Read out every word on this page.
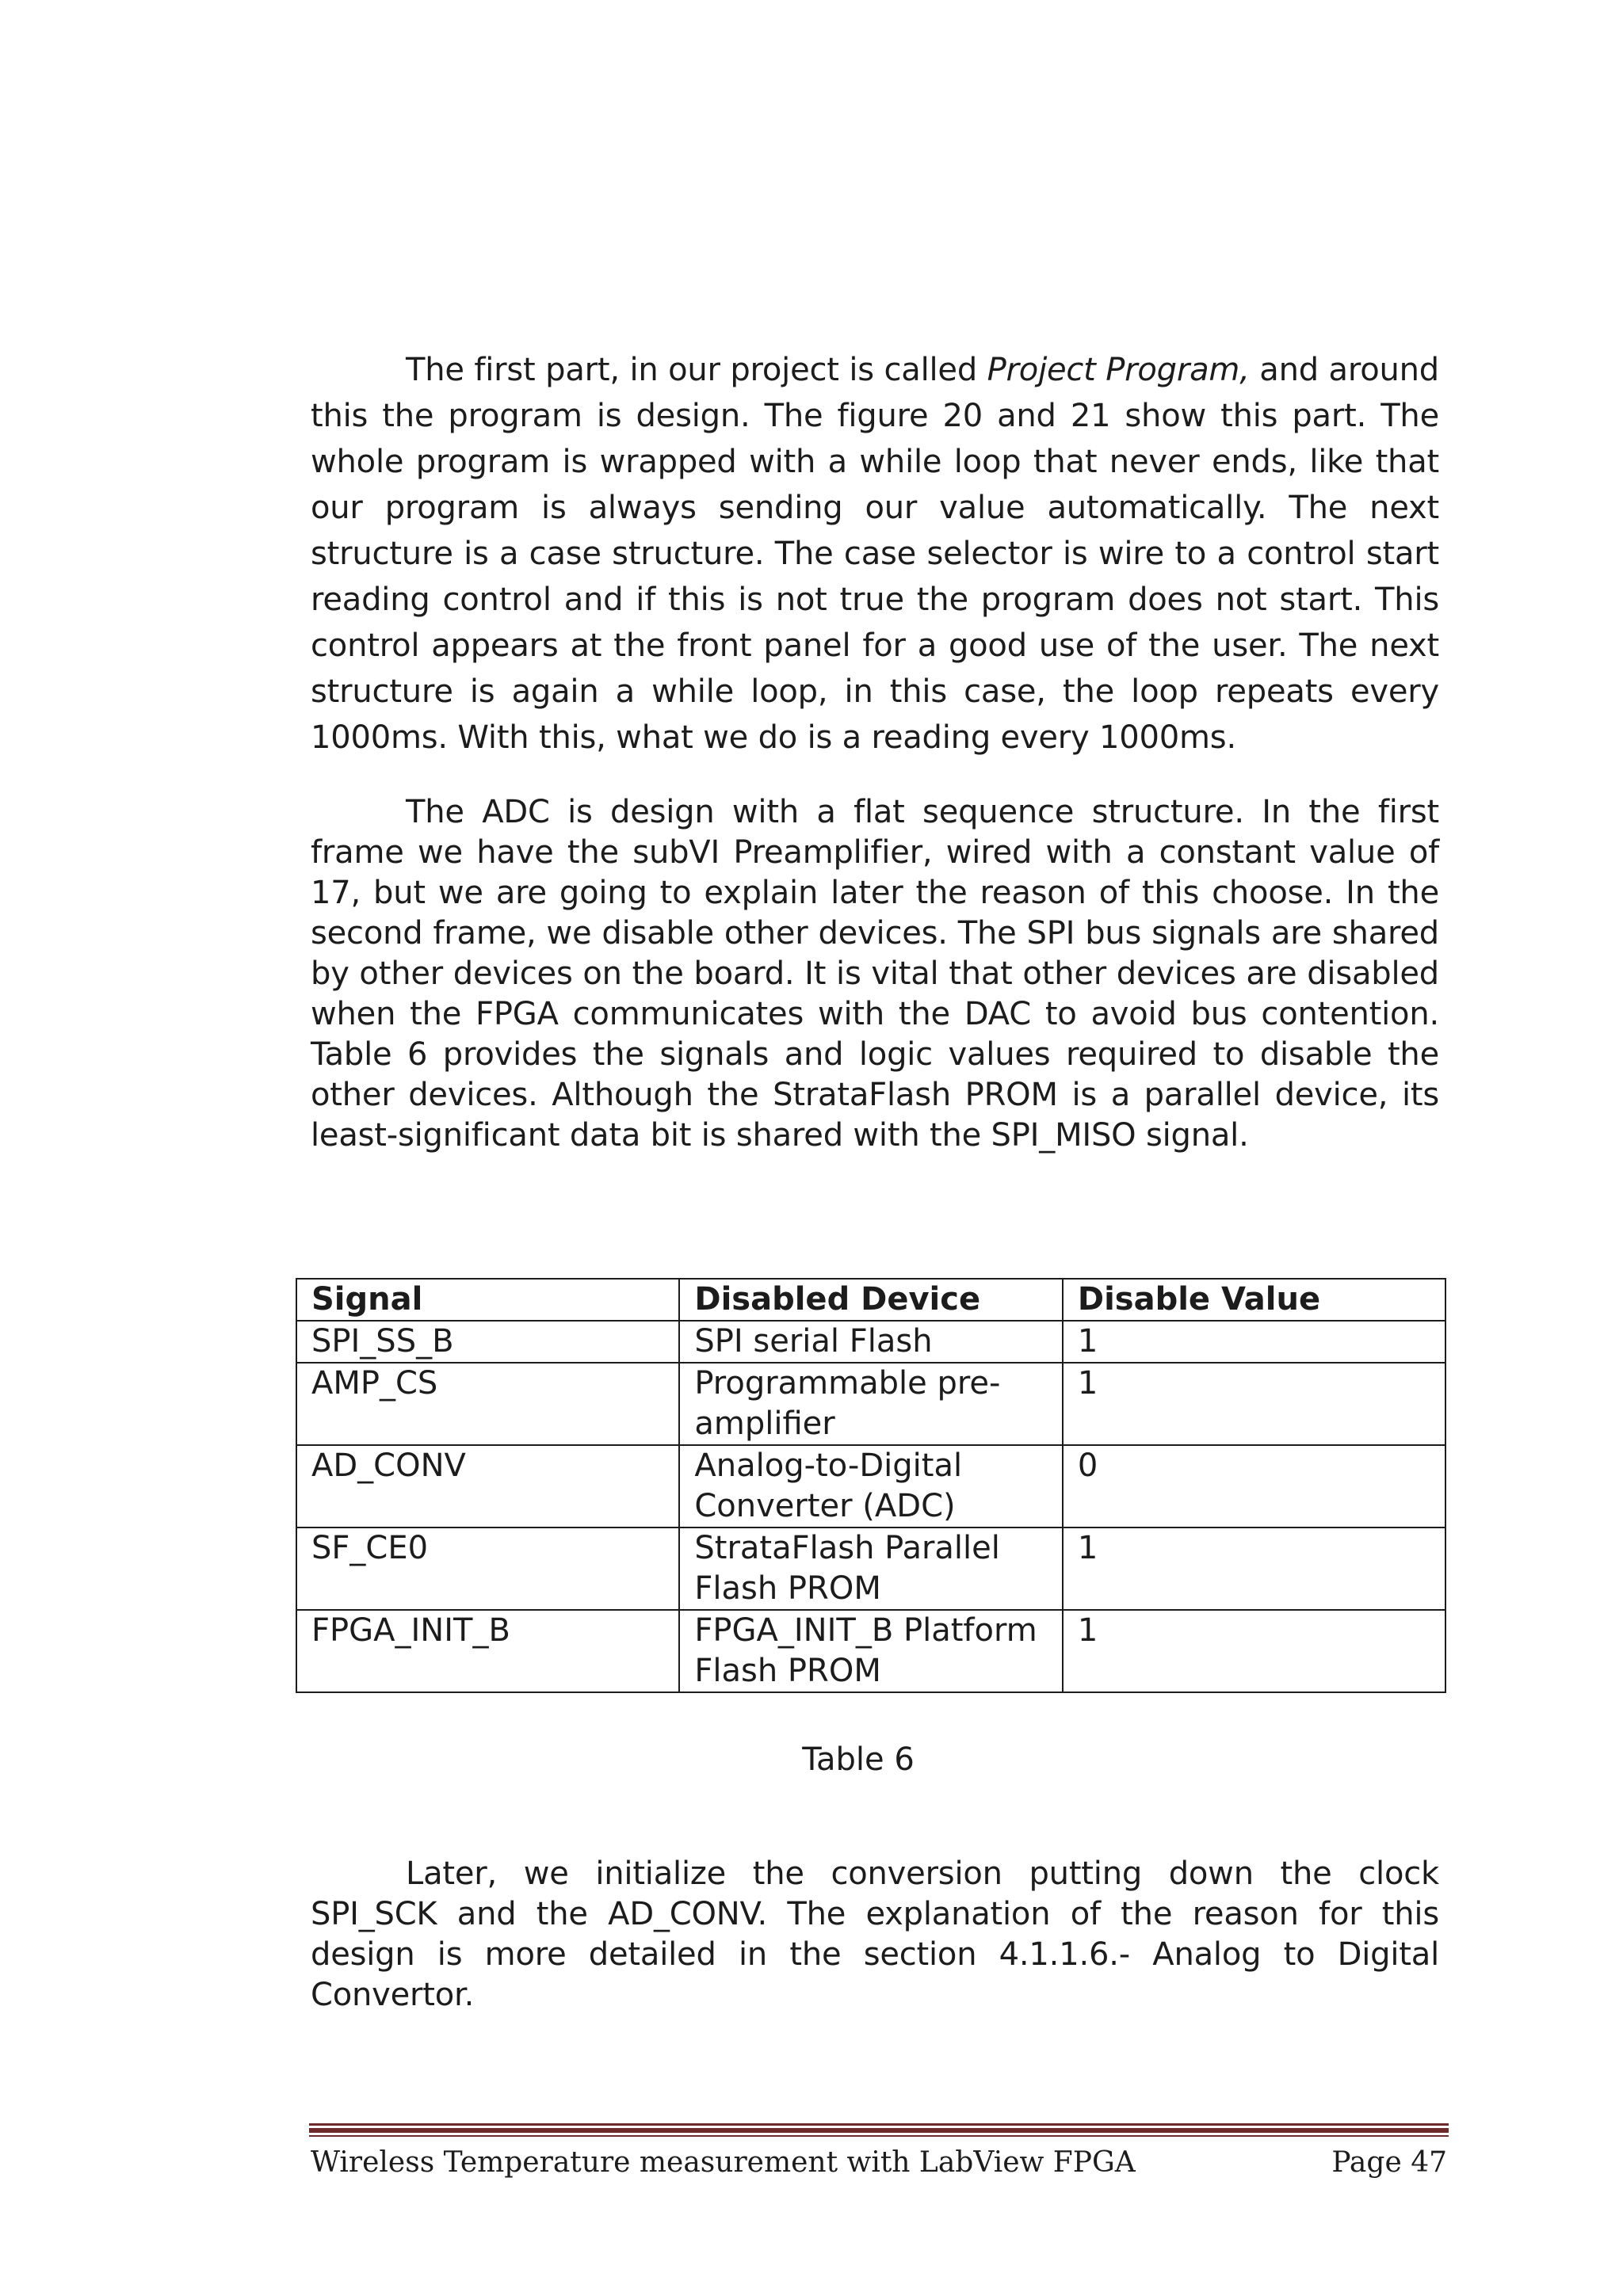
The first part, in our project is called Project Program, and around this the program is design. The figure 20 and 21 show this part. The whole program is wrapped with a while loop that never ends, like that our program is always sending our value automatically. The next structure is a case structure. The case selector is wire to a control start reading control and if this is not true the program does not start. This control appears at the front panel for a good use of the user. The next structure is again a while loop, in this case, the loop repeats every 1000ms. With this, what we do is a reading every 1000ms.

The ADC is design with a flat sequence structure. In the first frame we have the subVI Preamplifier, wired with a constant value of 17, but we are going to explain later the reason of this choose. In the second frame, we disable other devices. The SPI bus signals are shared by other devices on the board. It is vital that other devices are disabled when the FPGA communicates with the DAC to avoid bus contention. Table 6 provides the signals and logic values required to disable the other devices. Although the StrataFlash PROM is a parallel device, its least-significant data bit is shared with the SPI_MISO signal.

Signal	Disabled Device	Disable Value
SPI_SS_B	SPI serial Flash	1
AMP_CS	Programmable pre-amplifier	1
AD_CONV	Analog-to-Digital Converter (ADC)	0
SF_CE0	StrataFlash Parallel Flash PROM	1
FPGA_INIT_B	FPGA_INIT_B Platform Flash PROM	1
Table 6

Later, we initialize the conversion putting down the clock SPI_SCK and the AD_CONV. The explanation of the reason for this design is more detailed in the section 4.1.1.6.- Analog to Digital Convertor.

Wireless Temperature measurement with LabView FPGA	Page 47
